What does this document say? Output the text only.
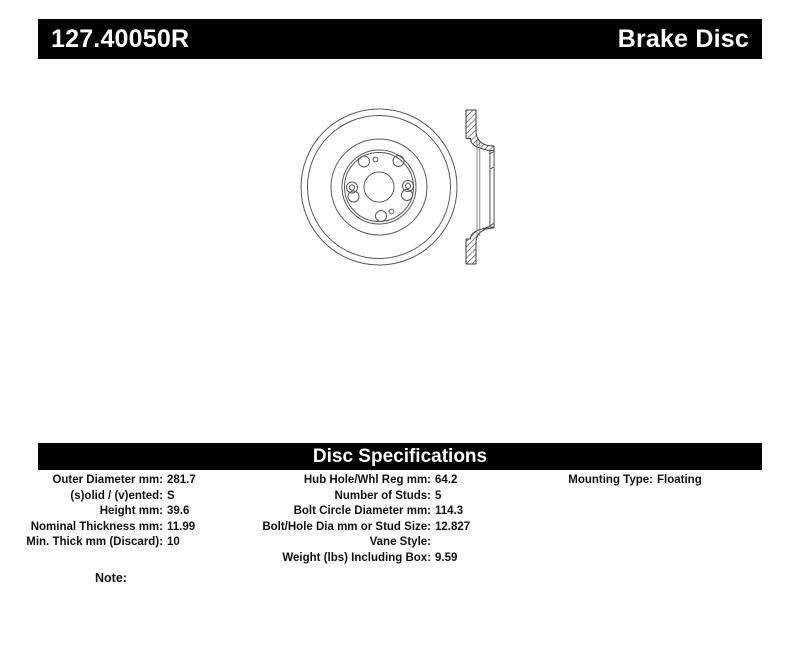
127.40050R	Brake Disc
Disc Specifications
Outer Diameter mm: 281.7
(s)olid / (v)ented: S
Height mm: 39.6
Nominal Thickness mm: 11.99
Min. Thick mm (Discard): 10
Hub Hole/Whl Reg mm: 64.2
Number of Studs: 5
Bolt Circle Diameter mm: 114.3
Bolt/Hole Dia mm or Stud Size: 12.827
Vane Style:
Weight (lbs) Including Box: 9.59
Mounting Type: Floating
Note:
